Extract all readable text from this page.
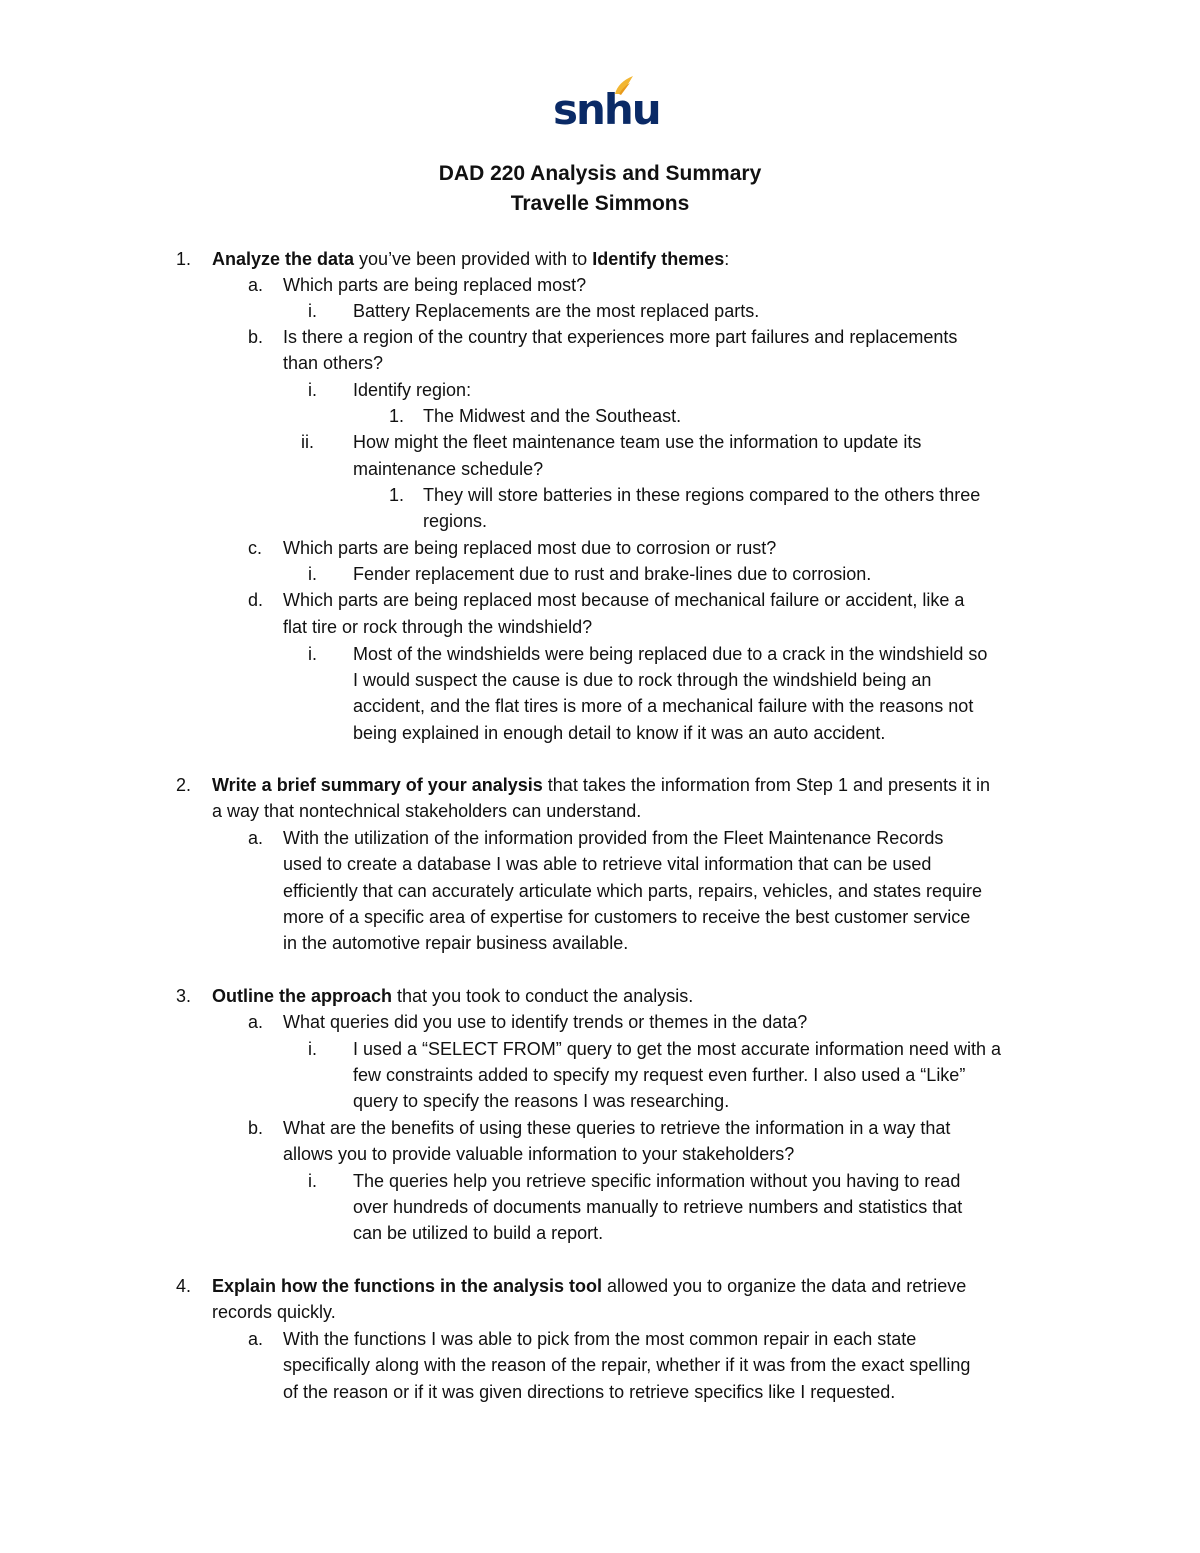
snhu
DAD 220 Analysis and Summary
Travelle Simmons
1. Analyze the data you’ve been provided with to Identify themes:
a. Which parts are being replaced most?
i. Battery Replacements are the most replaced parts.
b. Is there a region of the country that experiences more part failures and replacements
than others?
i. Identify region:
1. The Midwest and the Southeast.
ii. How might the fleet maintenance team use the information to update its
maintenance schedule?
1. They will store batteries in these regions compared to the others three
regions.
c. Which parts are being replaced most due to corrosion or rust?
i. Fender replacement due to rust and brake-lines due to corrosion.
d. Which parts are being replaced most because of mechanical failure or accident, like a
flat tire or rock through the windshield?
i. Most of the windshields were being replaced due to a crack in the windshield so
I would suspect the cause is due to rock through the windshield being an
accident, and the flat tires is more of a mechanical failure with the reasons not
being explained in enough detail to know if it was an auto accident.
2. Write a brief summary of your analysis that takes the information from Step 1 and presents it in
a way that nontechnical stakeholders can understand.
a. With the utilization of the information provided from the Fleet Maintenance Records
used to create a database I was able to retrieve vital information that can be used
efficiently that can accurately articulate which parts, repairs, vehicles, and states require
more of a specific area of expertise for customers to receive the best customer service
in the automotive repair business available.
3. Outline the approach that you took to conduct the analysis.
a. What queries did you use to identify trends or themes in the data?
i. I used a “SELECT FROM” query to get the most accurate information need with a
few constraints added to specify my request even further. I also used a “Like”
query to specify the reasons I was researching.
b. What are the benefits of using these queries to retrieve the information in a way that
allows you to provide valuable information to your stakeholders?
i. The queries help you retrieve specific information without you having to read
over hundreds of documents manually to retrieve numbers and statistics that
can be utilized to build a report.
4. Explain how the functions in the analysis tool allowed you to organize the data and retrieve
records quickly.
a. With the functions I was able to pick from the most common repair in each state
specifically along with the reason of the repair, whether if it was from the exact spelling
of the reason or if it was given directions to retrieve specifics like I requested.
